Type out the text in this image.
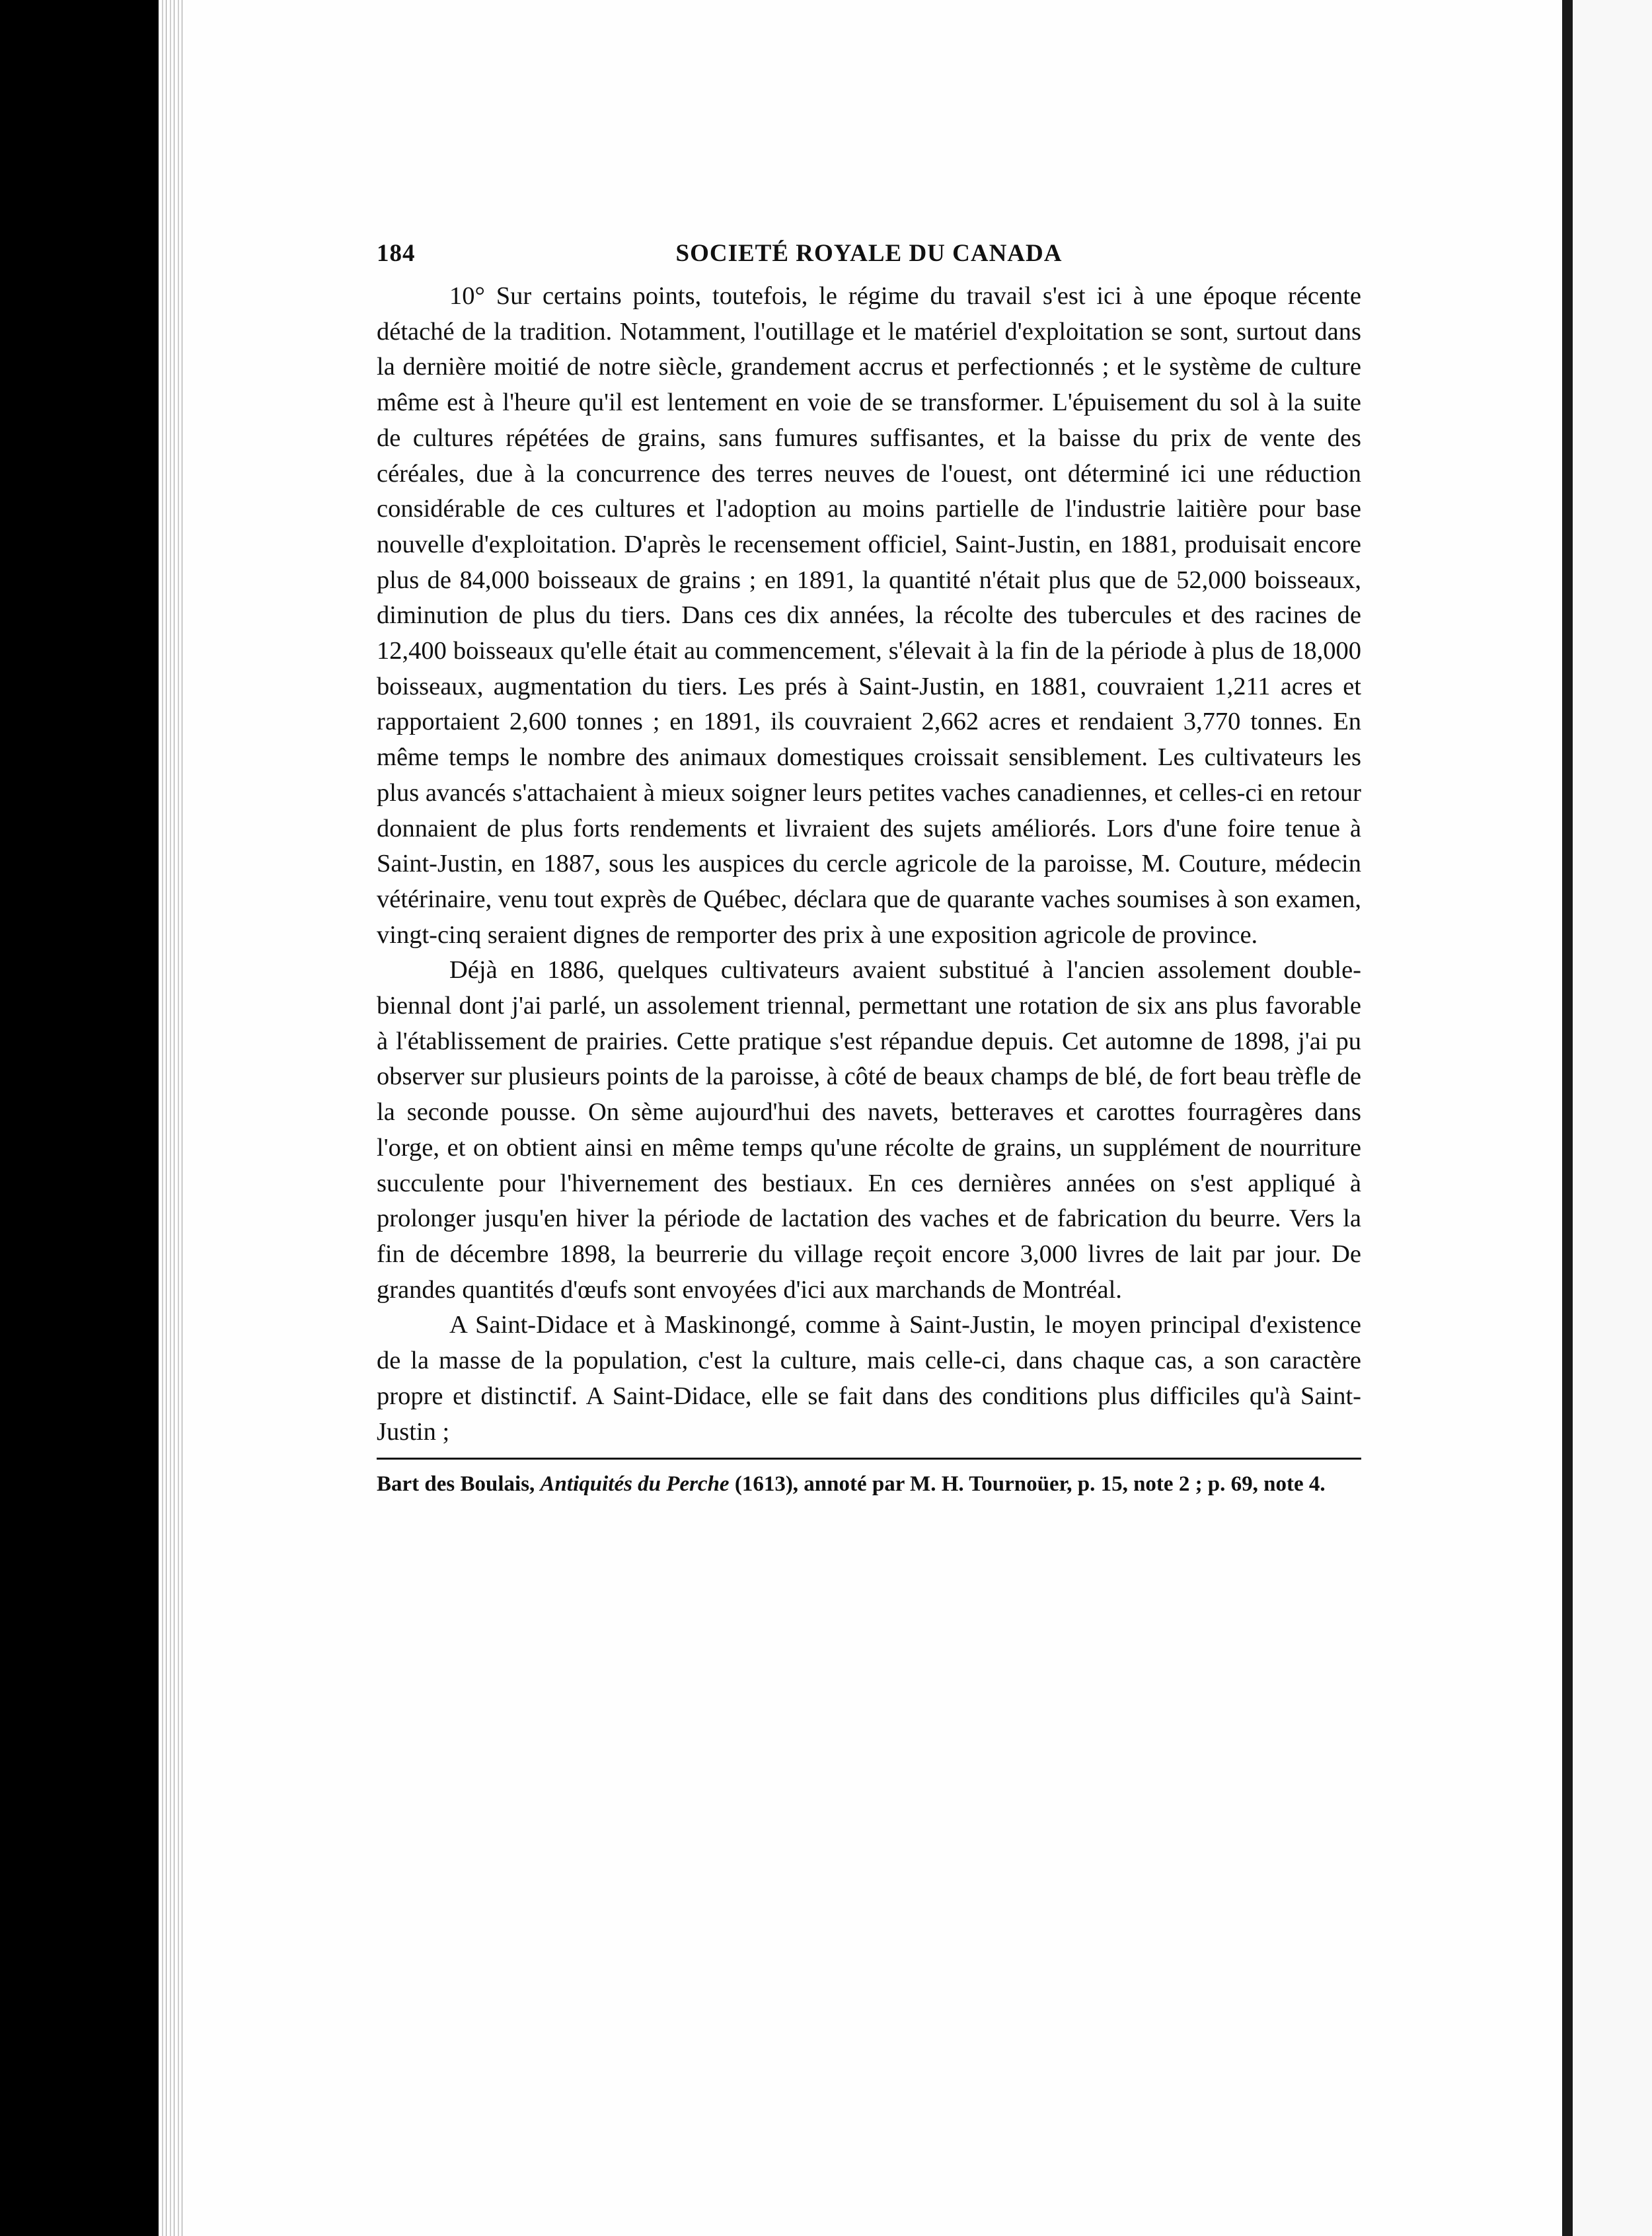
184	SOCIETÉ ROYALE DU CANADA

10° Sur certains points, toutefois, le régime du travail s'est ici à une époque récente détaché de la tradition. Notamment, l'outillage et le matériel d'exploitation se sont, surtout dans la dernière moitié de notre siècle, grandement accrus et perfectionnés ; et le système de culture même est à l'heure qu'il est lentement en voie de se transformer. L'épuisement du sol à la suite de cultures répétées de grains, sans fumures suffisantes, et la baisse du prix de vente des céréales, due à la concurrence des terres neuves de l'ouest, ont déterminé ici une réduction considérable de ces cultures et l'adoption au moins partielle de l'industrie laitière pour base nouvelle d'exploitation. D'après le recensement officiel, Saint-Justin, en 1881, produisait encore plus de 84,000 boisseaux de grains ; en 1891, la quantité n'était plus que de 52,000 boisseaux, diminution de plus du tiers. Dans ces dix années, la récolte des tubercules et des racines de 12,400 boisseaux qu'elle était au commencement, s'élevait à la fin de la période à plus de 18,000 boisseaux, augmentation du tiers. Les prés à Saint-Justin, en 1881, couvraient 1,211 acres et rapportaient 2,600 tonnes ; en 1891, ils couvraient 2,662 acres et rendaient 3,770 tonnes. En même temps le nombre des animaux domestiques croissait sensiblement. Les cultivateurs les plus avancés s'attachaient à mieux soigner leurs petites vaches canadiennes, et celles-ci en retour donnaient de plus forts rendements et livraient des sujets améliorés. Lors d'une foire tenue à Saint-Justin, en 1887, sous les auspices du cercle agricole de la paroisse, M. Couture, médecin vétérinaire, venu tout exprès de Québec, déclara que de quarante vaches soumises à son examen, vingt-cinq seraient dignes de remporter des prix à une exposition agricole de province.

Déjà en 1886, quelques cultivateurs avaient substitué à l'ancien assolement double-biennal dont j'ai parlé, un assolement triennal, permettant une rotation de six ans plus favorable à l'établissement de prairies. Cette pratique s'est répandue depuis. Cet automne de 1898, j'ai pu observer sur plusieurs points de la paroisse, à côté de beaux champs de blé, de fort beau trèfle de la seconde pousse. On sème aujourd'hui des navets, betteraves et carottes fourragères dans l'orge, et on obtient ainsi en même temps qu'une récolte de grains, un supplément de nourriture succulente pour l'hivernement des bestiaux. En ces dernières années on s'est appliqué à prolonger jusqu'en hiver la période de lactation des vaches et de fabrication du beurre. Vers la fin de décembre 1898, la beurrerie du village reçoit encore 3,000 livres de lait par jour. De grandes quantités d'œufs sont envoyées d'ici aux marchands de Montréal.

A Saint-Didace et à Maskinongé, comme à Saint-Justin, le moyen principal d'existence de la masse de la population, c'est la culture, mais celle-ci, dans chaque cas, a son caractère propre et distinctif. A Saint-Didace, elle se fait dans des conditions plus difficiles qu'à Saint-Justin ;

Bart des Boulais, Antiquités du Perche (1613), annoté par M. H. Tournoüer, p. 15, note 2 ; p. 69, note 4.
